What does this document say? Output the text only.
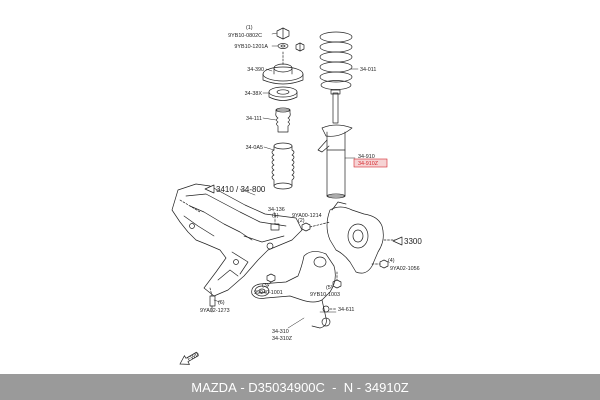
9YB10-0802C
(1)
9YB10-1201A
34-390
34-38X
34-111
34-0A5
34-011
34-910
34-910Z
3410 / 34-800
34-136
(1) 9YA00-1214
(2)
3300
9YA02-1056
(4)
99940-1001
(3)
9YB10-1003
(5)
34-611
9YA02-1273
(6)
34-310
34-310Z
FWD
MAZDA - D35034900C - N - 34910Z
